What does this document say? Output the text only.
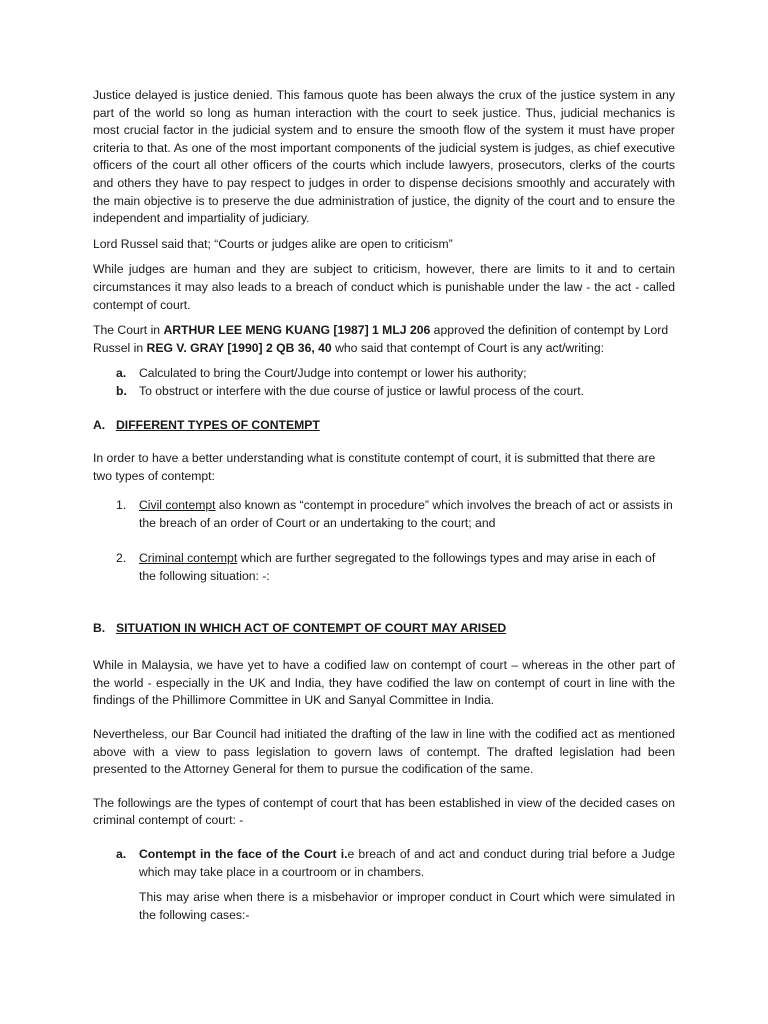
Justice delayed is justice denied. This famous quote has been always the crux of the justice system in any part of the world so long as human interaction with the court to seek justice. Thus, judicial mechanics is most crucial factor in the judicial system and to ensure the smooth flow of the system it must have proper criteria to that. As one of the most important components of the judicial system is judges, as chief executive officers of the court all other officers of the courts which include lawyers, prosecutors, clerks of the courts and others they have to pay respect to judges in order to dispense decisions smoothly and accurately with the main objective is to preserve the due administration of justice, the dignity of the court and to ensure the independent and impartiality of judiciary.

Lord Russel said that; “Courts or judges alike are open to criticism”

While judges are human and they are subject to criticism, however, there are limits to it and to certain circumstances it may also leads to a breach of conduct which is punishable under the law - the act - called contempt of court.

The Court in ARTHUR LEE MENG KUANG [1987] 1 MLJ 206 approved the definition of contempt by Lord Russel in REG V. GRAY [1990] 2 QB 36, 40 who said that contempt of Court is any act/writing:

a.	Calculated to bring the Court/Judge into contempt or lower his authority;
b. To obstruct or interfere with the due course of justice or lawful process of the court.
A. DIFFERENT TYPES OF CONTEMPT

In order to have a better understanding what is constitute contempt of court, it is submitted that there are two types of contempt:

1.	Civil contempt also known as “contempt in procedure” which involves the breach of act or assists in the breach of an order of Court or an undertaking to the court; and
2.	Criminal contempt which are further segregated to the followings types and may arise in each of the following situation: -:
B. SITUATION IN WHICH ACT OF CONTEMPT OF COURT MAY ARISED

While in Malaysia, we have yet to have a codified law on contempt of court – whereas in the other part of the world - especially in the UK and India, they have codified the law on contempt of court in line with the findings of the Phillimore Committee in UK and Sanyal Committee in India.

Nevertheless, our Bar Council had initiated the drafting of the law in line with the codified act as mentioned above with a view to pass legislation to govern laws of contempt. The drafted legislation had been presented to the Attorney General for them to pursue the codification of the same.

The followings are the types of contempt of court that has been established in view of the decided cases on criminal contempt of court: -

a.	Contempt in the face of the Court i.e breach of and act and conduct during trial before a Judge which may take place in a courtroom or in chambers.
This may arise when there is a misbehavior or improper conduct in Court which were simulated in the following cases:-
